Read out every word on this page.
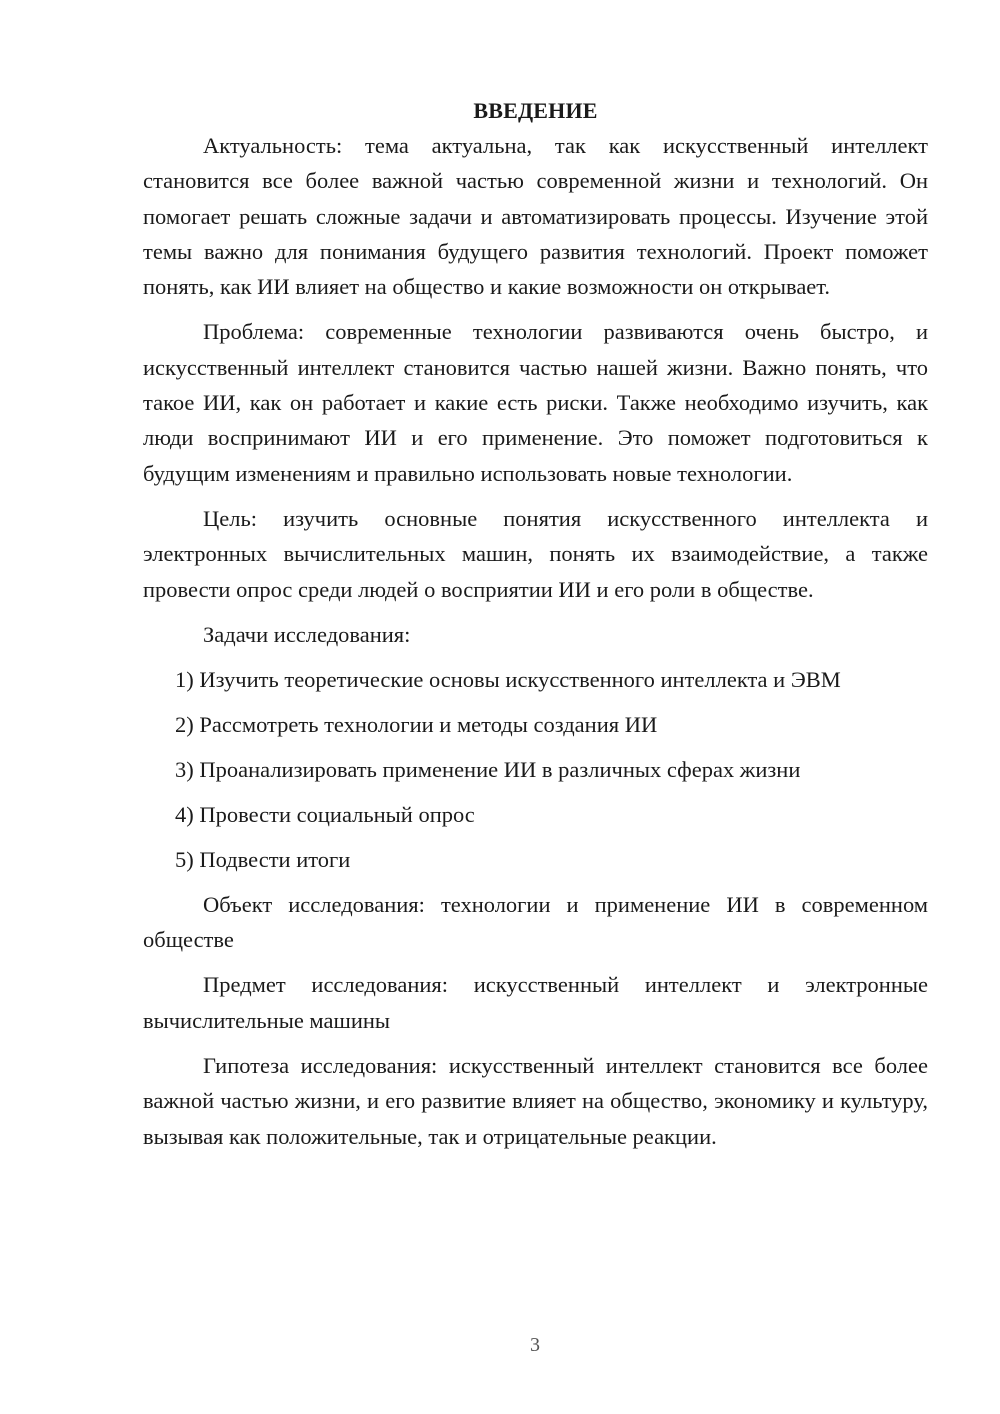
ВВЕДЕНИЕ

Актуальность: тема актуальна, так как искусственный интеллект становится все более важной частью современной жизни и технологий. Он помогает решать сложные задачи и автоматизировать процессы. Изучение этой темы важно для понимания будущего развития технологий. Проект поможет понять, как ИИ влияет на общество и какие возможности он открывает.

Проблема: современные технологии развиваются очень быстро, и искусственный интеллект становится частью нашей жизни. Важно понять, что такое ИИ, как он работает и какие есть риски. Также необходимо изучить, как люди воспринимают ИИ и его применение. Это поможет подготовиться к будущим изменениям и правильно использовать новые технологии.

Цель: изучить основные понятия искусственного интеллекта и электронных вычислительных машин, понять их взаимодействие, а также провести опрос среди людей о восприятии ИИ и его роли в обществе.

Задачи исследования:

1) Изучить теоретические основы искусственного интеллекта и ЭВМ

2) Рассмотреть технологии и методы создания ИИ

3) Проанализировать применение ИИ в различных сферах жизни

4) Провести социальный опрос

5) Подвести итоги

Объект исследования: технологии и применение ИИ в современном обществе

Предмет исследования: искусственный интеллект и электронные вычислительные машины

Гипотеза исследования: искусственный интеллект становится все более важной частью жизни, и его развитие влияет на общество, экономику и культуру, вызывая как положительные, так и отрицательные реакции.

3
